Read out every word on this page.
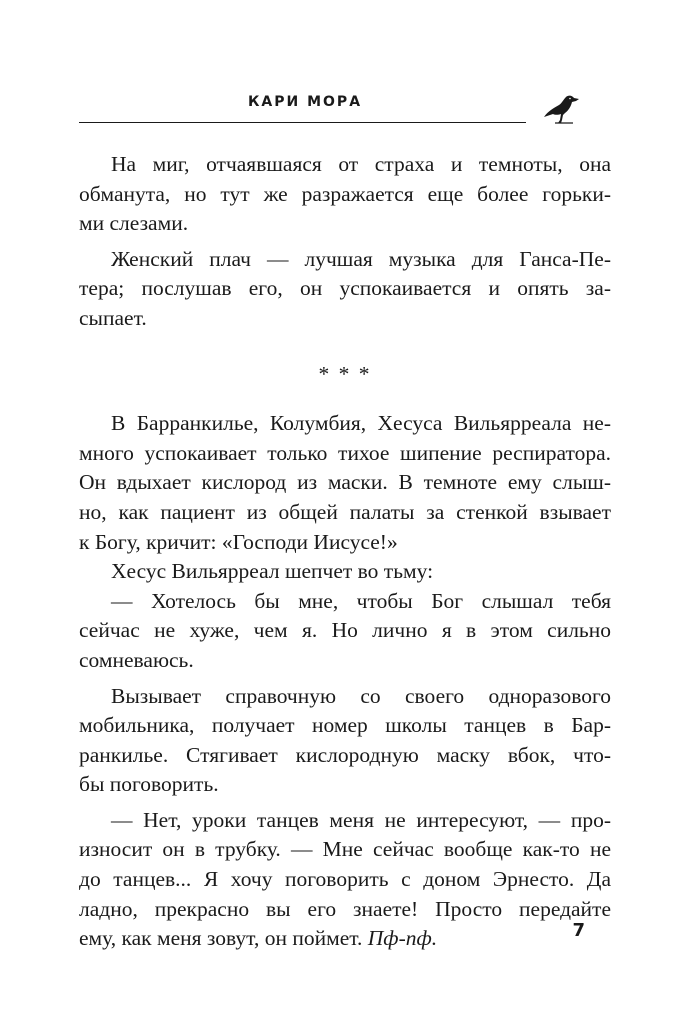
КАРИ МОРА
На миг, отчаявшаяся от страха и темноты, она
обманута, но тут же разражается еще более горьки-
ми слезами.
Женский плач — лучшая музыка для Ганса-Пе-
тера; послушав его, он успокаивается и опять за-
сыпает.
* * *
В Барранкилье, Колумбия, Хесуса Вильярреала не-
много успокаивает только тихое шипение респиратора.
Он вдыхает кислород из маски. В темноте ему слыш-
но, как пациент из общей палаты за стенкой взывает
к Богу, кричит: «Господи Иисусе!»
Хесус Вильярреал шепчет во тьму:
— Хотелось бы мне, чтобы Бог слышал тебя
сейчас не хуже, чем я. Но лично я в этом сильно
сомневаюсь.
Вызывает справочную со своего одноразового
мобильника, получает номер школы танцев в Бар-
ранкилье. Стягивает кислородную маску вбок, что-
бы поговорить.
— Нет, уроки танцев меня не интересуют, — про-
износит он в трубку. — Мне сейчас вообще как-то не
до танцев... Я хочу поговорить с доном Эрнесто. Да
ладно, прекрасно вы его знаете! Просто передайте
ему, как меня зовут, он поймет. Пф-пф.	7
